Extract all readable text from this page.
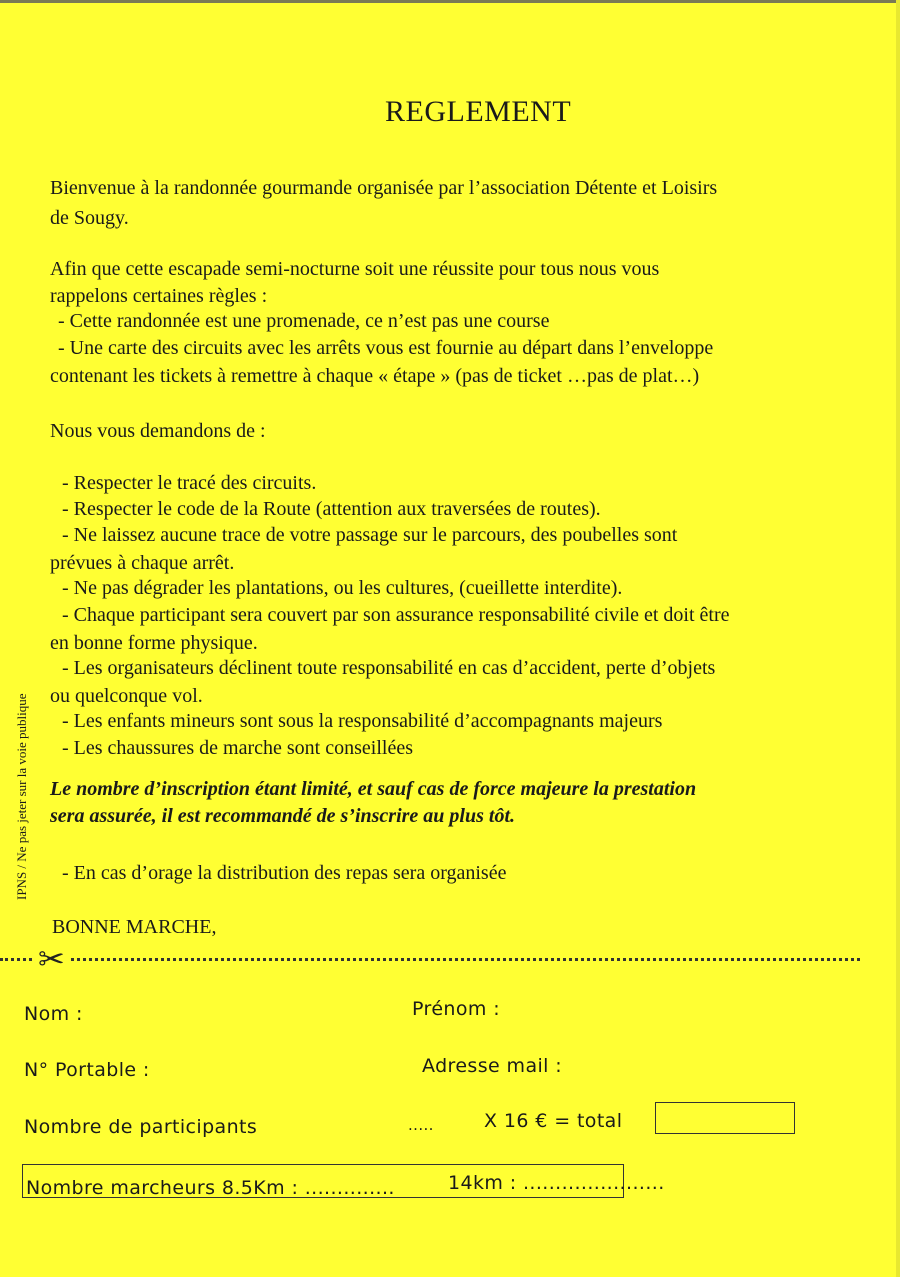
REGLEMENT
Bienvenue à la randonnée gourmande organisée par l’association Détente et Loisirs
de Sougy.
Afin que cette escapade semi-nocturne soit une réussite pour tous nous vous
rappelons certaines règles :
- Cette randonnée est une promenade, ce n’est pas une course
- Une carte des circuits avec les arrêts vous est fournie au départ dans l’enveloppe
contenant les tickets à remettre à chaque « étape » (pas de ticket …pas de plat…)
Nous vous demandons de :
- Respecter le tracé des circuits.
- Respecter le code de la Route (attention aux traversées de routes).
- Ne laissez aucune trace de votre passage sur le parcours, des poubelles sont
prévues à chaque arrêt.
- Ne pas dégrader les plantations, ou les cultures, (cueillette interdite).
- Chaque participant sera couvert par son assurance responsabilité civile et doit être
en bonne forme physique.
- Les organisateurs déclinent toute responsabilité en cas d’accident, perte d’objets
ou quelconque vol.
- Les enfants mineurs sont sous la responsabilité d’accompagnants majeurs
- Les chaussures de marche sont conseillées
Le nombre d’inscription étant limité, et sauf cas de force majeure la prestation
sera assurée, il est recommandé de s’inscrire au plus tôt.
- En cas d’orage la distribution des repas sera organisée
BONNE MARCHE,
IPNS / Ne pas jeter sur la voie publique
✂
Nom :	Prénom :
N° Portable :	Adresse mail :
Nombre de participants	.....	X 16 € = total
Nombre marcheurs 8.5Km : ..............	14km : ......................
